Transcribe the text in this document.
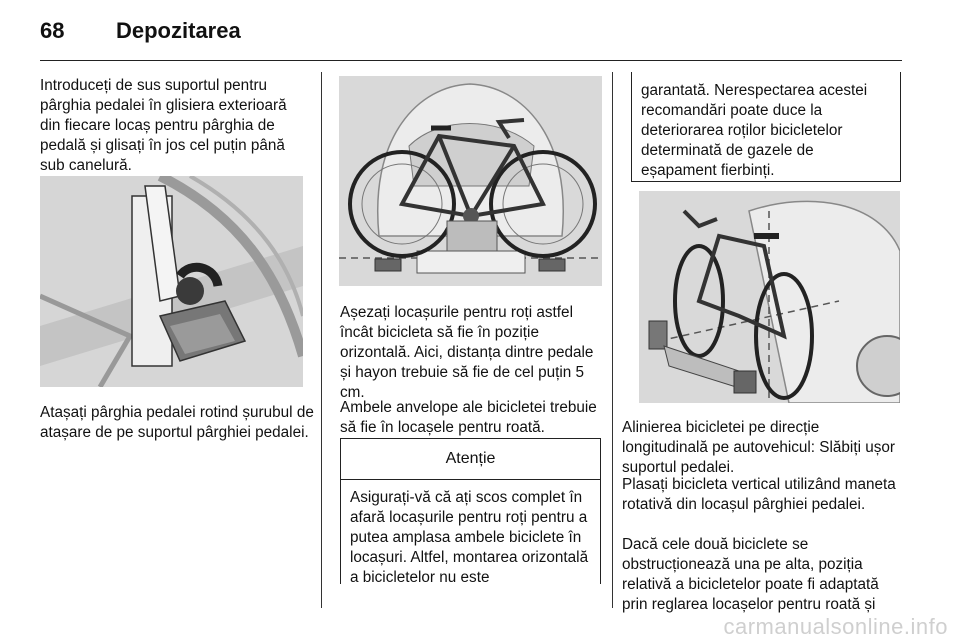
68 Depozitarea

Introduceți de sus suportul pentru pârghia pedalei în glisiera exterioară din fiecare locaș pentru pârghia de pedală și glisați în jos cel puțin până sub canelură.

Atașați pârghia pedalei rotind șurubul de atașare de pe suportul pârghiei pedalei.

Așezați locașurile pentru roți astfel încât bicicleta să fie în poziție orizontală. Aici, distanța dintre pedale și hayon trebuie să fie de cel puțin 5 cm.

Ambele anvelope ale bicicletei trebuie să fie în locașele pentru roată.

Atenție

Asigurați-vă că ați scos complet în afară locașurile pentru roți pentru a putea amplasa ambele biciclete în locașuri. Altfel, montarea orizontală a bicicletelor nu este

garantată. Nerespectarea acestei recomandări poate duce la deteriorarea roților bicicletelor determinată de gazele de eșapament fierbinți.

Alinierea bicicletei pe direcție longitudinală pe autovehicul: Slăbiți ușor suportul pedalei.

Plasați bicicleta vertical utilizând maneta rotativă din locașul pârghiei pedalei.

Dacă cele două biciclete se obstrucționează una pe alta, poziția relativă a bicicletelor poate fi adaptată prin reglarea locașelor pentru roată și

carmanualsonline.info
